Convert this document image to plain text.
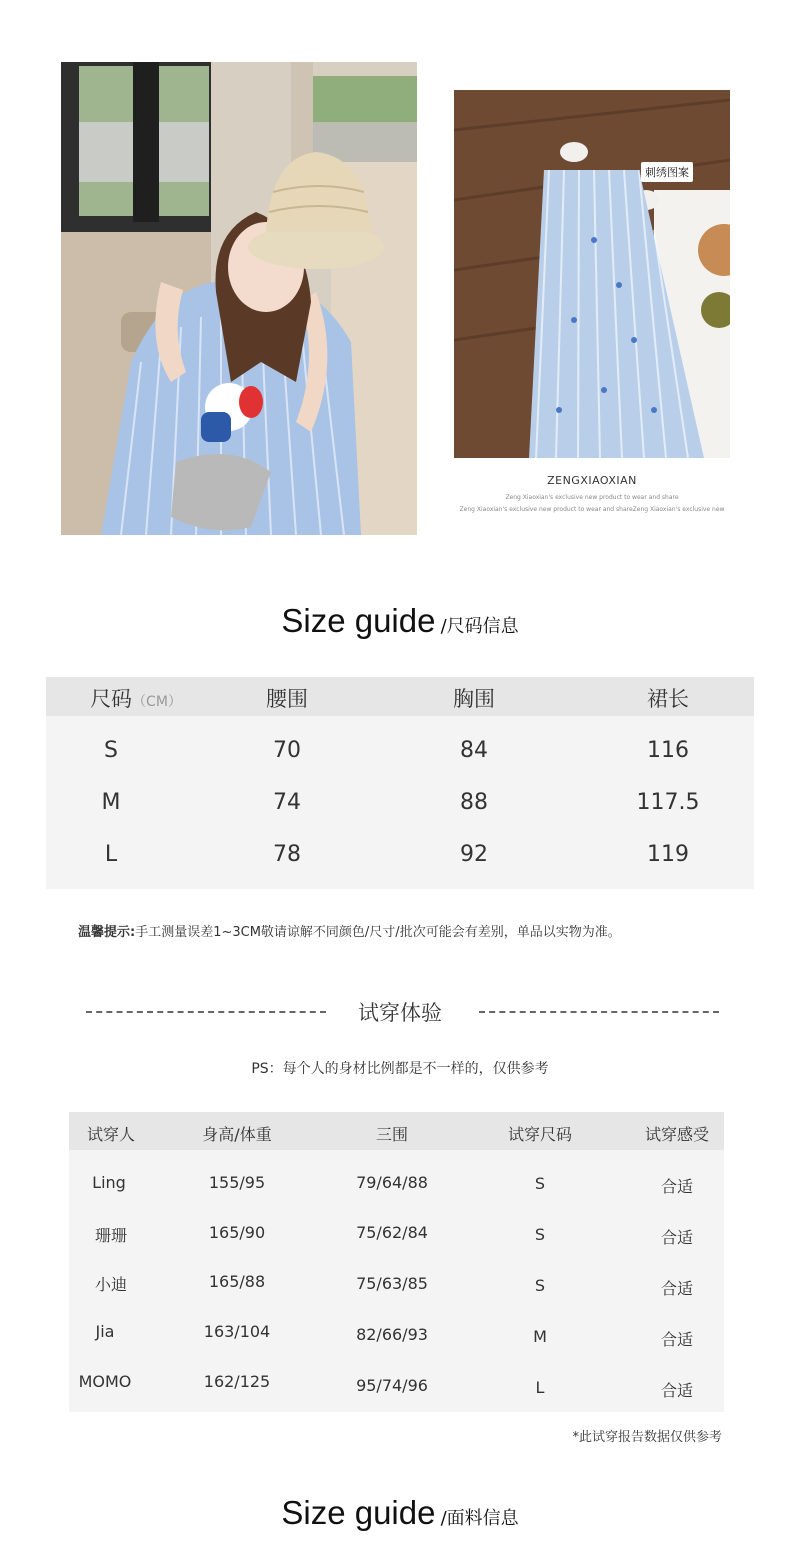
刺绣图案
ZENGXIAOXIAN
Zeng Xiaoxian's exclusive new product to wear and share
Zeng Xiaoxian's exclusive new product to wear and shareZeng Xiaoxian's exclusive new
Size guide /尺码信息
尺码（CM）	腰围	胸围	裙长
S	70	84	116
M	74	88	117.5
L	78	92	119
温馨提示:手工测量误差1~3CM敬请谅解不同颜色/尺寸/批次可能会有差别，单品以实物为准。
试穿体验
PS：每个人的身材比例都是不一样的，仅供参考
试穿人	身高/体重	三围	试穿尺码	试穿感受
Ling	155/95	79/64/88	S	合适
珊珊	165/90	75/62/84	S	合适
小迪	165/88	75/63/85	S	合适
Jia	163/104	82/66/93	M	合适
MOMO	162/125	95/74/96	L	合适
*此试穿报告数据仅供参考
Size guide /面料信息
